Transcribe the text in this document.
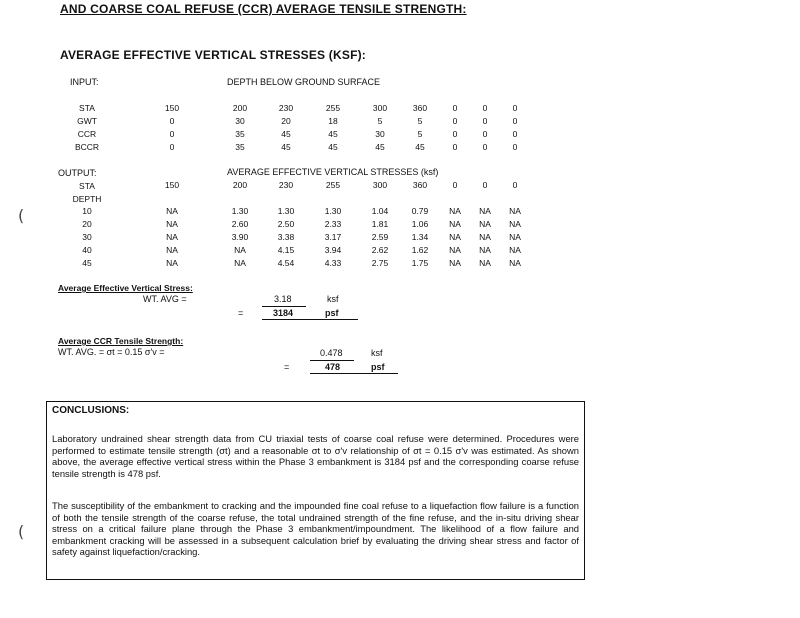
AND COARSE COAL REFUSE (CCR) AVERAGE TENSILE STRENGTH:
AVERAGE EFFECTIVE VERTICAL STRESSES (KSF):
INPUT:	DEPTH BELOW GROUND SURFACE
STA	150	200	230	255	300	360	0	0	0
GWT	0	30	20	18	5	5	0	0	0
CCR	0	35	45	45	30	5	0	0	0
BCCR	0	35	45	45	45	45	0	0	0
OUTPUT:	AVERAGE EFFECTIVE VERTICAL STRESSES (ksf)
STA	150	200	230	255	300	360	0	0	0
DEPTH
10	NA	1.30	1.30	1.30	1.04	0.79	NA	NA	NA
20	NA	2.60	2.50	2.33	1.81	1.06	NA	NA	NA
30	NA	3.90	3.38	3.17	2.59	1.34	NA	NA	NA
40	NA	NA	4.15	3.94	2.62	1.62	NA	NA	NA
45	NA	NA	4.54	4.33	2.75	1.75	NA	NA	NA
Average Effective Vertical Stress:
WT. AVG =	3.18	ksf
=	3184	psf
Average CCR Tensile Strength:
WT. AVG. = σt = 0.15 σ'v =	0.478	ksf
=	478	psf
CONCLUSIONS:

Laboratory undrained shear strength data from CU triaxial tests of coarse coal refuse were determined. Procedures were performed to estimate tensile strength (σt) and a reasonable σt to σ'v relationship of σt = 0.15 σ'v was estimated. As shown above, the average effective vertical stress within the Phase 3 embankment is 3184 psf and the corresponding coarse refuse tensile strength is 478 psf.

The susceptibility of the embankment to cracking and the impounded fine coal refuse to a liquefaction flow failure is a function of both the tensile strength of the coarse refuse, the total undrained strength of the fine refuse, and the in-situ driving shear stress on a critical failure plane through the Phase 3 embankment/impoundment. The likelihood of a flow failure and embankment cracking will be assessed in a subsequent calculation brief by evaluating the driving shear stress and factor of safety against liquefaction/cracking.

(
(
